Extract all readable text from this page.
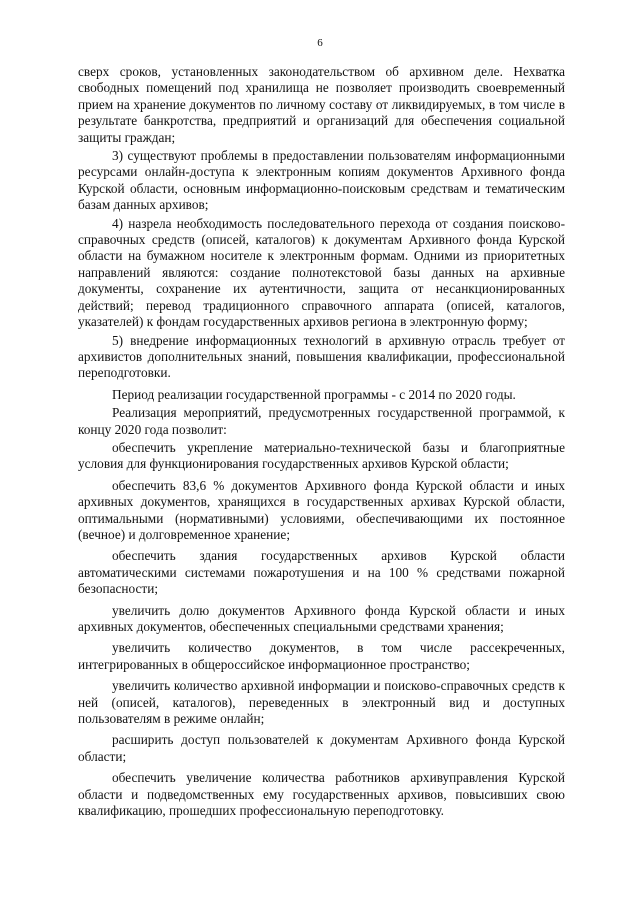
6

сверх сроков, установленных законодательством об архивном деле. Нехватка свободных помещений под хранилища не позволяет производить своевременный прием на хранение документов по личному составу от ликвидируемых, в том числе в результате банкротства, предприятий и организаций для обеспечения социальной защиты граждан;

3) существуют проблемы в предоставлении пользователям информационными ресурсами онлайн-доступа к электронным копиям документов Архивного фонда Курской области, основным информационно-поисковым средствам и тематическим базам данных архивов;

4) назрела необходимость последовательного перехода от создания поисково-справочных средств (описей, каталогов) к документам Архивного фонда Курской области на бумажном носителе к электронным формам. Одними из приоритетных направлений являются: создание полнотекстовой базы данных на архивные документы, сохранение их аутентичности, защита от несанкционированных действий; перевод традиционного справочного аппарата (описей, каталогов, указателей) к фондам государственных архивов региона в электронную форму;

5) внедрение информационных технологий в архивную отрасль требует от архивистов дополнительных знаний, повышения квалификации, профессиональной переподготовки.

Период реализации государственной программы - с 2014 по 2020 годы.

Реализация мероприятий, предусмотренных государственной программой, к концу 2020 года позволит:

обеспечить укрепление материально-технической базы и благоприятные условия для функционирования государственных архивов Курской области;

обеспечить 83,6 % документов Архивного фонда Курской области и иных архивных документов, хранящихся в государственных архивах Курской области, оптимальными (нормативными) условиями, обеспечивающими их постоянное (вечное) и долговременное хранение;

обеспечить здания государственных архивов Курской области автоматическими системами пожаротушения и на 100 % средствами пожарной безопасности;

увеличить долю документов Архивного фонда Курской области и иных архивных документов, обеспеченных специальными средствами хранения;

увеличить количество документов, в том числе рассекреченных, интегрированных в общероссийское информационное пространство;

увеличить количество архивной информации и поисково-справочных средств к ней (описей, каталогов), переведенных в электронный вид и доступных пользователям в режиме онлайн;

расширить доступ пользователей к документам Архивного фонда Курской области;

обеспечить увеличение количества работников архивуправления Курской области и подведомственных ему государственных архивов, повысивших свою квалификацию, прошедших профессиональную переподготовку.
